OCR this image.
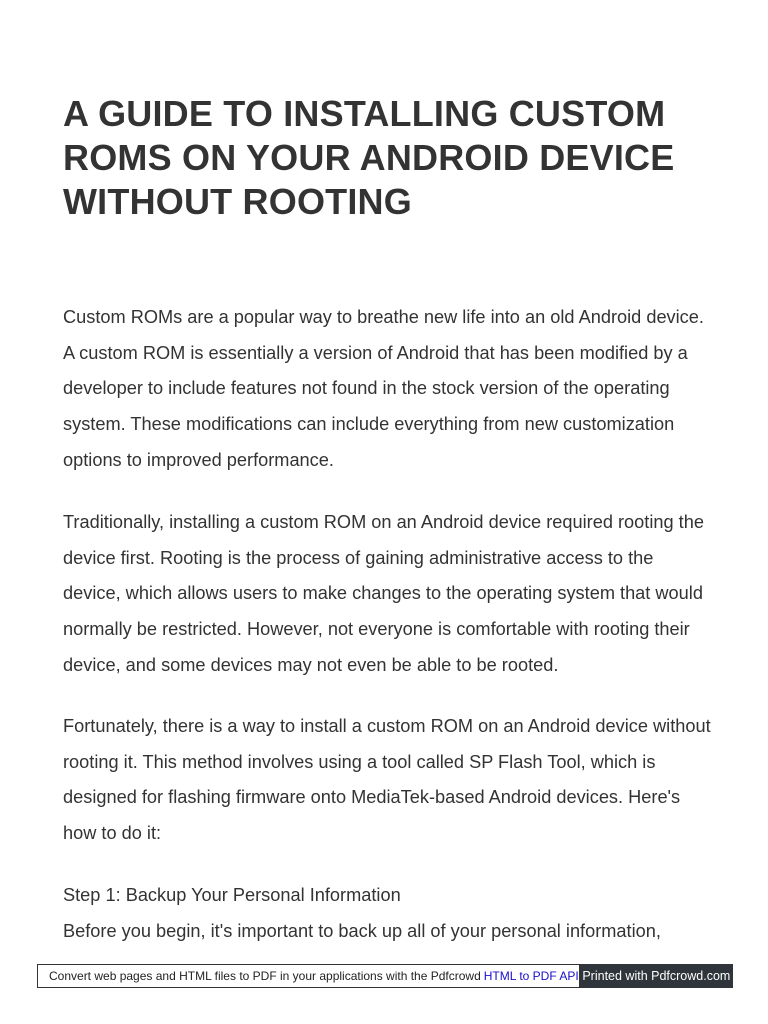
A GUIDE TO INSTALLING CUSTOM ROMS ON YOUR ANDROID DEVICE WITHOUT ROOTING

Custom ROMs are a popular way to breathe new life into an old Android device. A custom ROM is essentially a version of Android that has been modified by a developer to include features not found in the stock version of the operating system. These modifications can include everything from new customization options to improved performance.

Traditionally, installing a custom ROM on an Android device required rooting the device first. Rooting is the process of gaining administrative access to the device, which allows users to make changes to the operating system that would normally be restricted. However, not everyone is comfortable with rooting their device, and some devices may not even be able to be rooted.

Fortunately, there is a way to install a custom ROM on an Android device without rooting it. This method involves using a tool called SP Flash Tool, which is designed for flashing firmware onto MediaTek-based Android devices. Here's how to do it:

Step 1: Backup Your Personal Information

Before you begin, it's important to back up all of your personal information,

Convert web pages and HTML files to PDF in your applications with the Pdfcrowd HTML to PDF API Printed with Pdfcrowd.com
